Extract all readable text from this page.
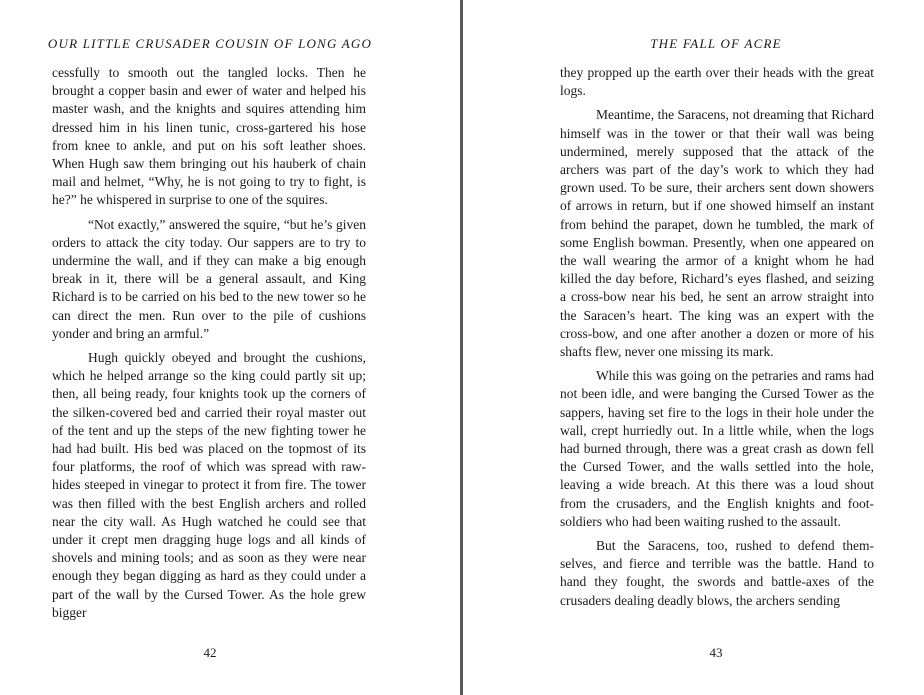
OUR LITTLE CRUSADER COUSIN OF LONG AGO

cessfully to smooth out the tangled locks. Then he brought a copper basin and ewer of water and helped his master wash, and the knights and squires attending him dressed him in his linen tunic, cross-gartered his hose from knee to ankle, and put on his soft leather shoes. When Hugh saw them bringing out his hauberk of chain mail and helmet, “Why, he is not going to try to fight, is he?” he whispered in surprise to one of the squires.

“Not exactly,” answered the squire, “but he’s given orders to attack the city today. Our sappers are to try to undermine the wall, and if they can make a big enough break in it, there will be a general assault, and King Richard is to be carried on his bed to the new tower so he can direct the men. Run over to the pile of cushions yonder and bring an armful.”

Hugh quickly obeyed and brought the cushions, which he helped arrange so the king could partly sit up; then, all being ready, four knights took up the corners of the silken-covered bed and carried their royal master out of the tent and up the steps of the new fighting tower he had had built. His bed was placed on the topmost of its four platforms, the roof of which was spread with raw-hides steeped in vinegar to protect it from fire. The tower was then filled with the best English archers and rolled near the city wall. As Hugh watched he could see that under it crept men dragging huge logs and all kinds of shovels and mining tools; and as soon as they were near enough they began digging as hard as they could under a part of the wall by the Cursed Tower. As the hole grew bigger

42
THE FALL OF ACRE

they propped up the earth over their heads with the great logs.

Meantime, the Saracens, not dreaming that Richard himself was in the tower or that their wall was being undermined, merely supposed that the attack of the archers was part of the day’s work to which they had grown used. To be sure, their archers sent down showers of arrows in return, but if one showed himself an instant from behind the parapet, down he tumbled, the mark of some English bowman. Presently, when one appeared on the wall wearing the armor of a knight whom he had killed the day before, Richard’s eyes flashed, and seizing a cross-bow near his bed, he sent an arrow straight into the Saracen’s heart. The king was an expert with the cross-bow, and one after another a dozen or more of his shafts flew, never one missing its mark.

While this was going on the petraries and rams had not been idle, and were banging the Cursed Tower as the sappers, having set fire to the logs in their hole under the wall, crept hurriedly out. In a little while, when the logs had burned through, there was a great crash as down fell the Cursed Tower, and the walls settled into the hole, leaving a wide breach. At this there was a loud shout from the crusaders, and the English knights and foot-soldiers who had been waiting rushed to the assault.

But the Saracens, too, rushed to defend themselves, and fierce and terrible was the battle. Hand to hand they fought, the swords and battle-axes of the crusaders dealing deadly blows, the archers sending

43
